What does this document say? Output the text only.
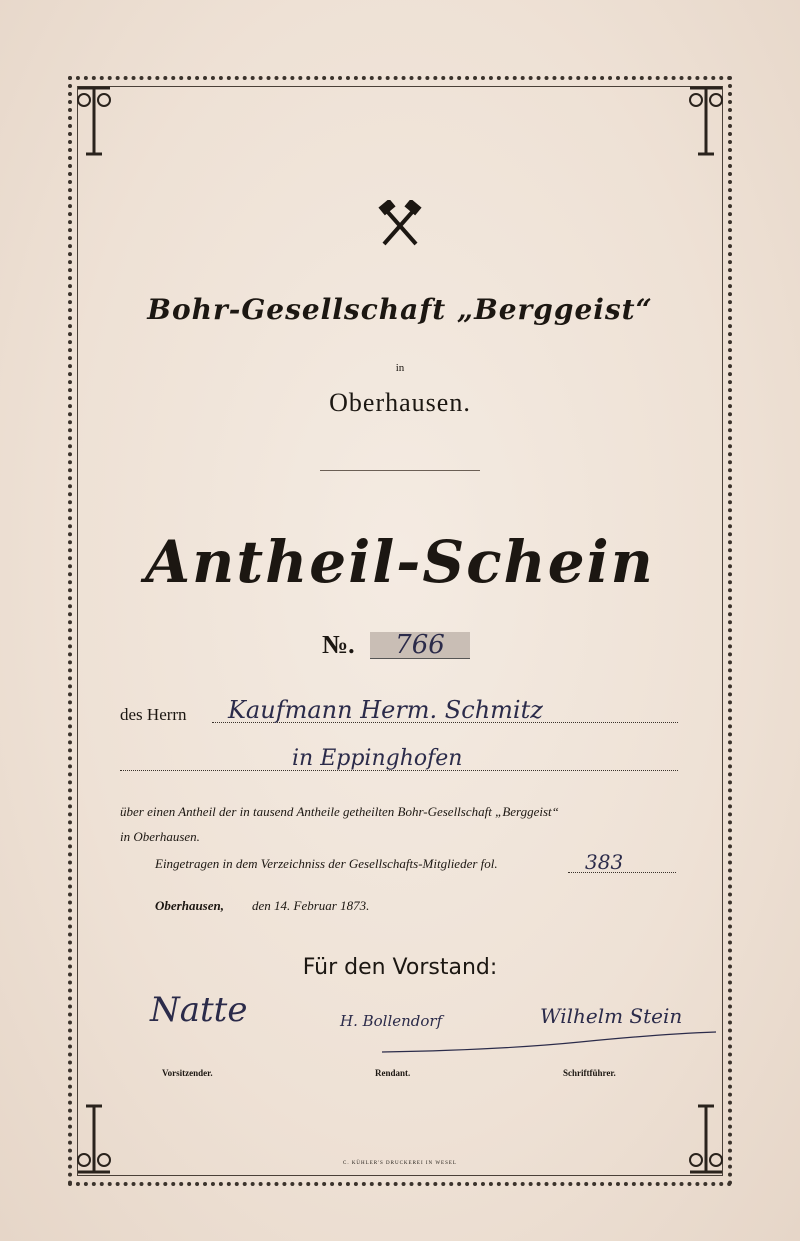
Bohr-Gesellschaft „Berggeist“
in
Oberhausen.
Antheil-Schein
№.	766
des Herrn Kaufmann Herm. Schmitz
in Eppinghofen
über einen Antheil der in tausend Antheile getheilten Bohr-Gesellschaft „Berggeist“
in Oberhausen.
Eingetragen in dem Verzeichniss der Gesellschafts-Mitglieder fol.	383
Oberhausen, den 14. Februar 1873.
Für den Vorstand:
Natte	H. Bollendorf	Wilhelm Stein
Vorsitzender.	Rendant.	Schriftführer.
C. KÜHLER'S DRUCKEREI IN WESEL
